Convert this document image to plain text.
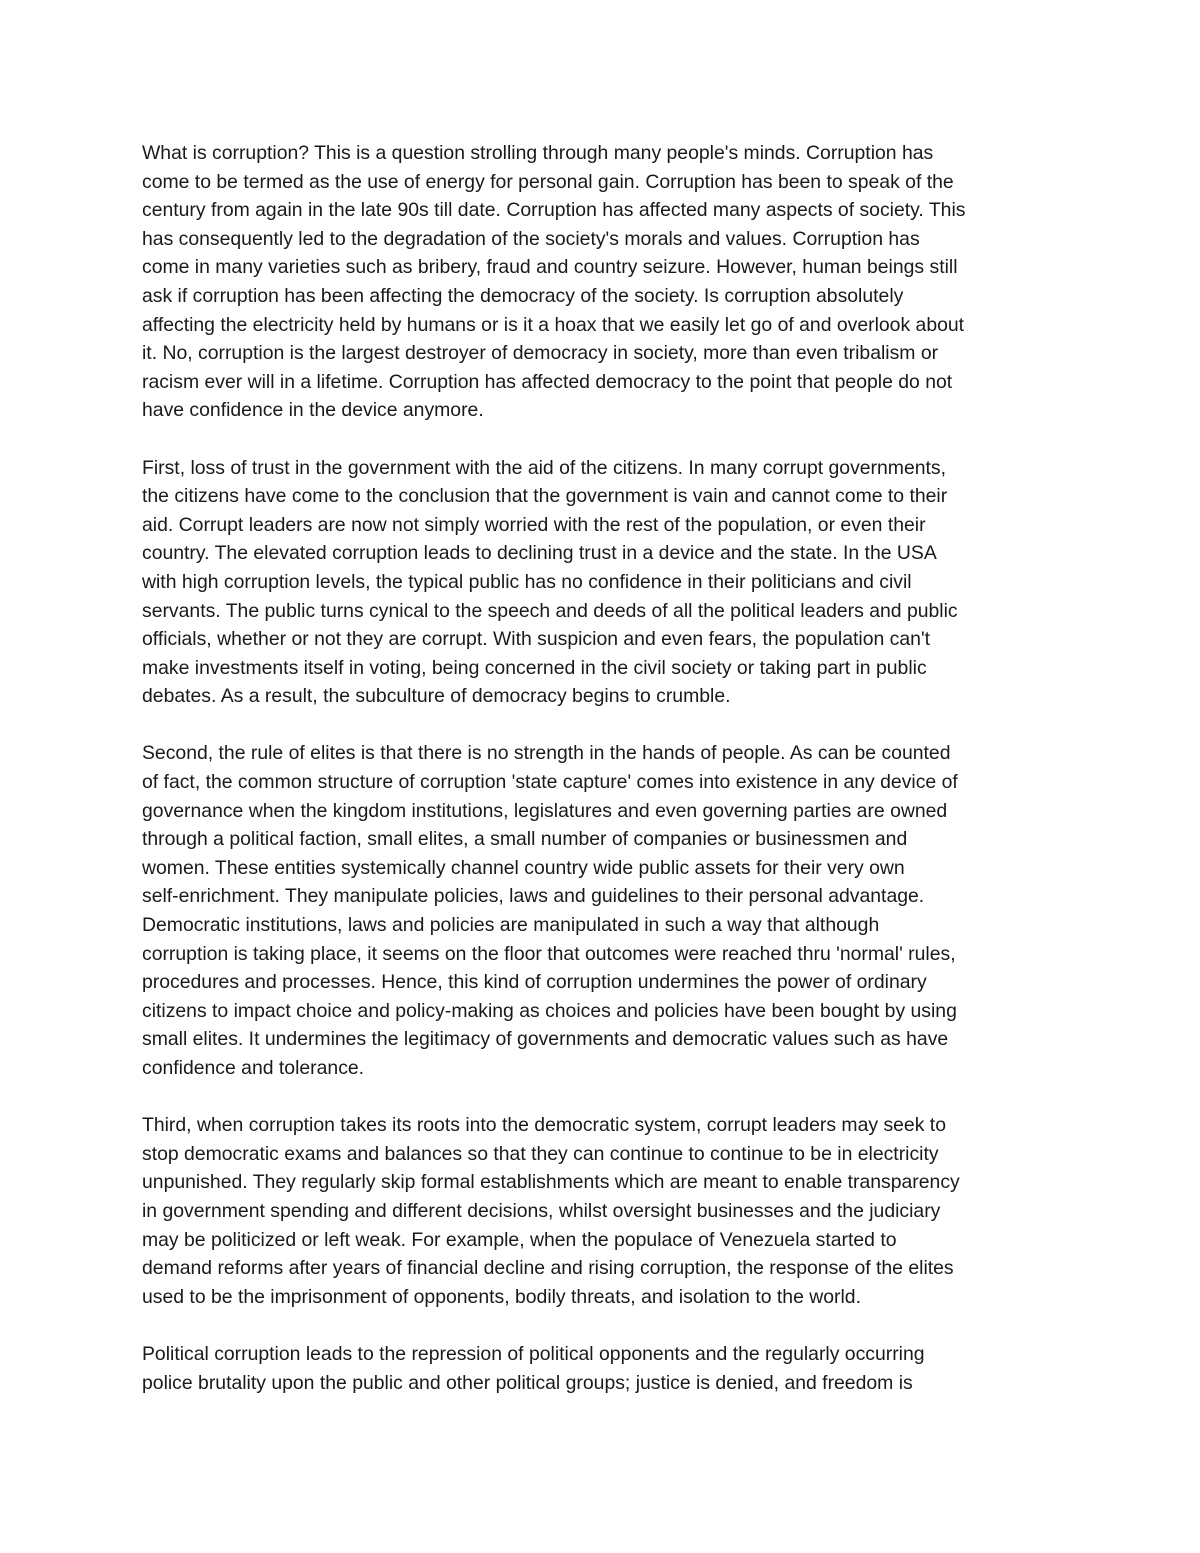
What is corruption? This is a question strolling through many people's minds. Corruption has
come to be termed as the use of energy for personal gain. Corruption has been to speak of the
century from again in the late 90s till date. Corruption has affected many aspects of society. This
has consequently led to the degradation of the society's morals and values. Corruption has
come in many varieties such as bribery, fraud and country seizure. However, human beings still
ask if corruption has been affecting the democracy of the society. Is corruption absolutely
affecting the electricity held by humans or is it a hoax that we easily let go of and overlook about
it. No, corruption is the largest destroyer of democracy in society, more than even tribalism or
racism ever will in a lifetime. Corruption has affected democracy to the point that people do not
have confidence in the device anymore.
First, loss of trust in the government with the aid of the citizens. In many corrupt governments,
the citizens have come to the conclusion that the government is vain and cannot come to their
aid. Corrupt leaders are now not simply worried with the rest of the population, or even their
country. The elevated corruption leads to declining trust in a device and the state. In the USA
with high corruption levels, the typical public has no confidence in their politicians and civil
servants. The public turns cynical to the speech and deeds of all the political leaders and public
officials, whether or not they are corrupt. With suspicion and even fears, the population can't
make investments itself in voting, being concerned in the civil society or taking part in public
debates. As a result, the subculture of democracy begins to crumble.
Second, the rule of elites is that there is no strength in the hands of people. As can be counted
of fact, the common structure of corruption 'state capture' comes into existence in any device of
governance when the kingdom institutions, legislatures and even governing parties are owned
through a political faction, small elites, a small number of companies or businessmen and
women. These entities systemically channel country wide public assets for their very own
self-enrichment. They manipulate policies, laws and guidelines to their personal advantage.
Democratic institutions, laws and policies are manipulated in such a way that although
corruption is taking place, it seems on the floor that outcomes were reached thru 'normal' rules,
procedures and processes. Hence, this kind of corruption undermines the power of ordinary
citizens to impact choice and policy-making as choices and policies have been bought by using
small elites. It undermines the legitimacy of governments and democratic values such as have
confidence and tolerance.
Third, when corruption takes its roots into the democratic system, corrupt leaders may seek to
stop democratic exams and balances so that they can continue to continue to be in electricity
unpunished. They regularly skip formal establishments which are meant to enable transparency
in government spending and different decisions, whilst oversight businesses and the judiciary
may be politicized or left weak. For example, when the populace of Venezuela started to
demand reforms after years of financial decline and rising corruption, the response of the elites
used to be the imprisonment of opponents, bodily threats, and isolation to the world.
Political corruption leads to the repression of political opponents and the regularly occurring
police brutality upon the public and other political groups; justice is denied, and freedom is
